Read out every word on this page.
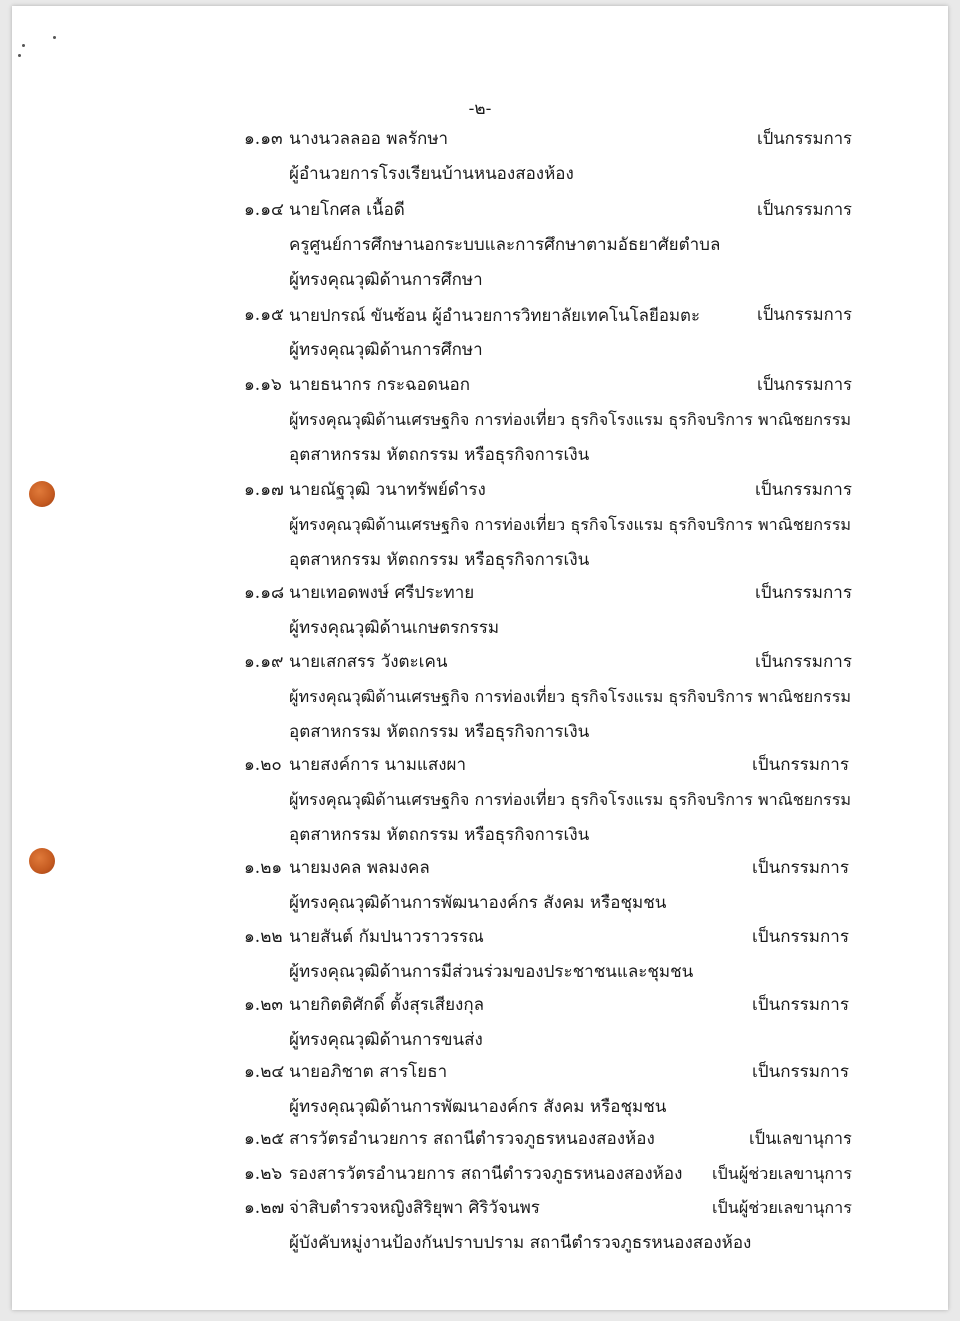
-๒-
๑.๑๓ นางนวลลออ พลรักษา	เป็นกรรมการ
ผู้อำนวยการโรงเรียนบ้านหนองสองห้อง
๑.๑๔ นายโกศล เนื้อดี	เป็นกรรมการ
ครูศูนย์การศึกษานอกระบบและการศึกษาตามอัธยาศัยตำบล
ผู้ทรงคุณวุฒิด้านการศึกษา
๑.๑๕ นายปกรณ์ ขันซ้อน ผู้อำนวยการวิทยาลัยเทคโนโลยีอมตะ	เป็นกรรมการ
ผู้ทรงคุณวุฒิด้านการศึกษา
๑.๑๖ นายธนากร กระฉอดนอก	เป็นกรรมการ
ผู้ทรงคุณวุฒิด้านเศรษฐกิจ การท่องเที่ยว ธุรกิจโรงแรม ธุรกิจบริการ พาณิชยกรรม
อุตสาหกรรม หัตถกรรม หรือธุรกิจการเงิน
๑.๑๗ นายณัฐวุฒิ วนาทรัพย์ดำรง	เป็นกรรมการ
ผู้ทรงคุณวุฒิด้านเศรษฐกิจ การท่องเที่ยว ธุรกิจโรงแรม ธุรกิจบริการ พาณิชยกรรม
อุตสาหกรรม หัตถกรรม หรือธุรกิจการเงิน
๑.๑๘ นายเทอดพงษ์ ศรีประทาย	เป็นกรรมการ
ผู้ทรงคุณวุฒิด้านเกษตรกรรม
๑.๑๙ นายเสกสรร วังตะเคน	เป็นกรรมการ
ผู้ทรงคุณวุฒิด้านเศรษฐกิจ การท่องเที่ยว ธุรกิจโรงแรม ธุรกิจบริการ พาณิชยกรรม
อุตสาหกรรม หัตถกรรม หรือธุรกิจการเงิน
๑.๒๐ นายสงค์การ นามแสงผา	เป็นกรรมการ
ผู้ทรงคุณวุฒิด้านเศรษฐกิจ การท่องเที่ยว ธุรกิจโรงแรม ธุรกิจบริการ พาณิชยกรรม
อุตสาหกรรม หัตถกรรม หรือธุรกิจการเงิน
๑.๒๑ นายมงคล พลมงคล	เป็นกรรมการ
ผู้ทรงคุณวุฒิด้านการพัฒนาองค์กร สังคม หรือชุมชน
๑.๒๒ นายสันต์ กัมปนาวราวรรณ	เป็นกรรมการ
ผู้ทรงคุณวุฒิด้านการมีส่วนร่วมของประชาชนและชุมชน
๑.๒๓ นายกิตติศักดิ์ ตั้งสุรเสียงกุล	เป็นกรรมการ
ผู้ทรงคุณวุฒิด้านการขนส่ง
๑.๒๔ นายอภิชาต สารโยธา	เป็นกรรมการ
ผู้ทรงคุณวุฒิด้านการพัฒนาองค์กร สังคม หรือชุมชน
๑.๒๕ สารวัตรอำนวยการ สถานีตำรวจภูธรหนองสองห้อง	เป็นเลขานุการ
๑.๒๖ รองสารวัตรอำนวยการ สถานีตำรวจภูธรหนองสองห้อง เป็นผู้ช่วยเลขานุการ
๑.๒๗ จ่าสิบตำรวจหญิงสิริยุพา ศิริวัจนพร	เป็นผู้ช่วยเลขานุการ
ผู้บังคับหมู่งานป้องกันปราบปราม สถานีตำรวจภูธรหนองสองห้อง
